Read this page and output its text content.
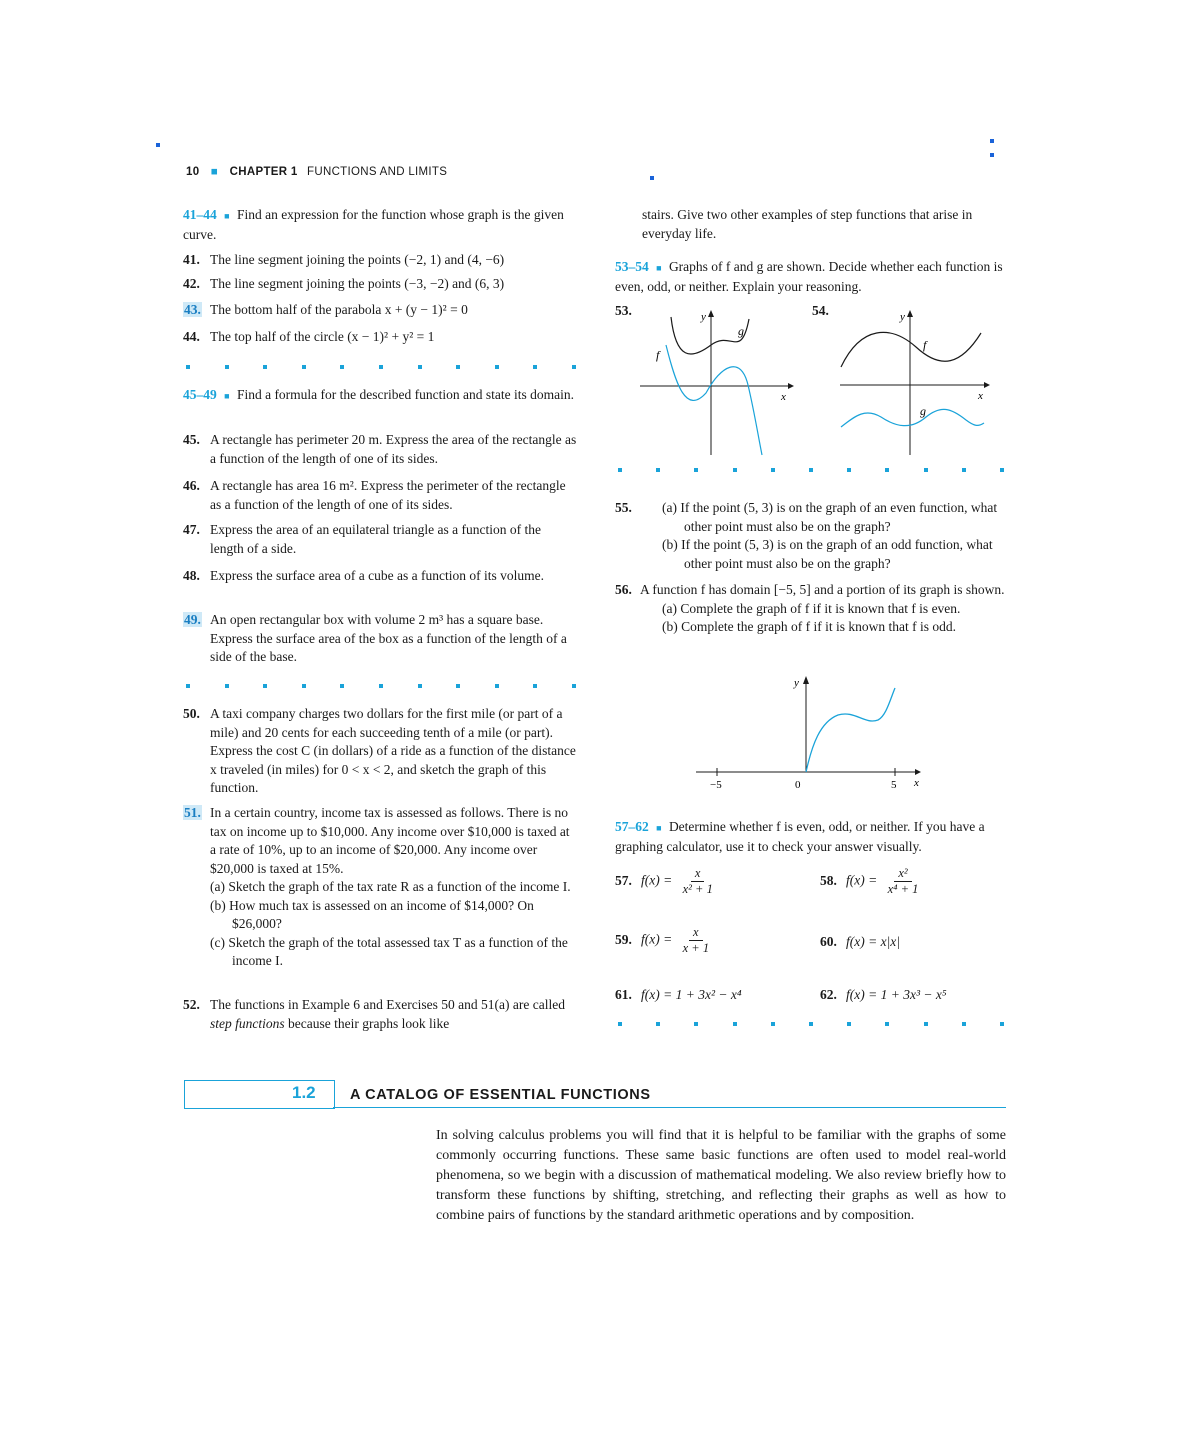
10 ■ CHAPTER 1 FUNCTIONS AND LIMITS
41–44 ■ Find an expression for the function whose graph is the given curve.
41. The line segment joining the points (−2, 1) and (4, −6)
42. The line segment joining the points (−3, −2) and (6, 3)
43. The bottom half of the parabola x + (y − 1)² = 0
44. The top half of the circle (x − 1)² + y² = 1
45–49 ■ Find a formula for the described function and state its domain.
45. A rectangle has perimeter 20 m. Express the area of the rectangle as a function of the length of one of its sides.
46. A rectangle has area 16 m². Express the perimeter of the rectangle as a function of the length of one of its sides.
47. Express the area of an equilateral triangle as a function of the length of a side.
48. Express the surface area of a cube as a function of its volume.
49. An open rectangular box with volume 2 m³ has a square base. Express the surface area of the box as a function of the length of a side of the base.
50. A taxi company charges two dollars for the first mile (or part of a mile) and 20 cents for each succeeding tenth of a mile (or part). Express the cost C (in dollars) of a ride as a function of the distance x traveled (in miles) for 0 < x < 2, and sketch the graph of this function.
51. In a certain country, income tax is assessed as follows. There is no tax on income up to $10,000. Any income over $10,000 is taxed at a rate of 10%, up to an income of $20,000. Any income over $20,000 is taxed at 15%.
(a) Sketch the graph of the tax rate R as a function of the income I.
(b) How much tax is assessed on an income of $14,000? On $26,000?
(c) Sketch the graph of the total assessed tax T as a function of the income I.
52. The functions in Example 6 and Exercises 50 and 51(a) are called step functions because their graphs look like
stairs. Give two other examples of step functions that arise in everyday life.
53–54 ■ Graphs of f and g are shown. Decide whether each function is even, odd, or neither. Explain your reasoning.
53.	y
x
g
f
54.	y
x
f
g
55. (a) If the point (5, 3) is on the graph of an even function, what other point must also be on the graph?
(b) If the point (5, 3) is on the graph of an odd function, what other point must also be on the graph?
56. A function f has domain [−5, 5] and a portion of its graph is shown.
(a) Complete the graph of f if it is known that f is even.
(b) Complete the graph of f if it is known that f is odd.
y
x
−5	0	5
57–62 ■ Determine whether f is even, odd, or neither. If you have a graphing calculator, use it to check your answer visually.
57. $f(x) = \frac{x}{\text{x² + 1}}$	58. $f(x) = \frac{\text{x²}}{\text{x⁴ + 1}}$
59. $f(x) = \frac{x}{x + 1}$	60. f(x) = x|x|
61. f(x) = 1 + 3x² − x⁴	62. f(x) = 1 + 3x³ − x⁵
1.2 A CATALOG OF ESSENTIAL FUNCTIONS
In solving calculus problems you will find that it is helpful to be familiar with the graphs of some commonly occurring functions. These same basic functions are often used to model real-world phenomena, so we begin with a discussion of mathematical modeling. We also review briefly how to transform these functions by shifting, stretching, and reflecting their graphs as well as how to combine pairs of functions by the standard arithmetic operations and by composition.
